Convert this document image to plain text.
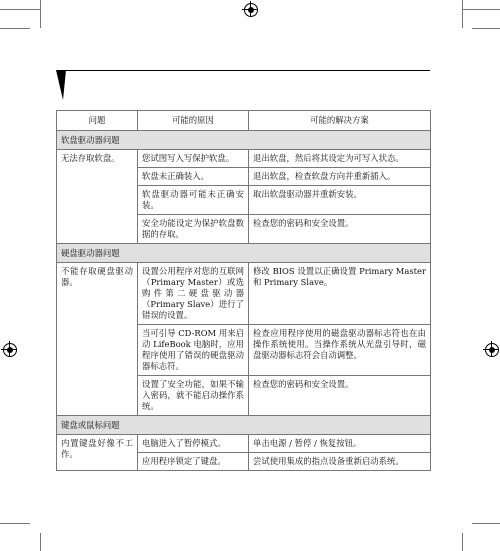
问题	可能的原因	可能的解决方案
软盘驱动器问题		
无法存取软盘。	您试图写入写保护软盘。	退出软盘，然后将其设定为可写入状态。
	软盘未正确装入。	退出软盘，检查软盘方向并重新插入。
	软盘驱动器可能未正确安装。	取出软盘驱动器并重新安装。
	安全功能设定为保护软盘数据的存取。	检查您的密码和安全设置。
硬盘驱动器问题		
不能存取硬盘驱动器。	设置公用程序对您的互联网（Primary Master）或选购件第二硬盘驱动器（Primary Slave）进行了错误的设置。	修改 BIOS 设置以正确设置 Primary Master 和 Primary Slave。
	当可引导 CD-ROM 用来启动 LifeBook 电脑时，应用程序使用了错误的硬盘驱动器标志符。	检查应用程序使用的磁盘驱动器标志符也在由操作系统使用。当操作系统从光盘引导时，磁盘驱动器标志符会自动调整。
	设置了安全功能，如果不输入密码，就不能启动操作系统。	检查您的密码和安全设置。
键盘或鼠标问题		
内置键盘好像不工作。	电脑进入了暂停模式。	单击电源 / 暂停 / 恢复按钮。
	应用程序锁定了键盘。	尝试使用集成的指点设备重新启动系统。
